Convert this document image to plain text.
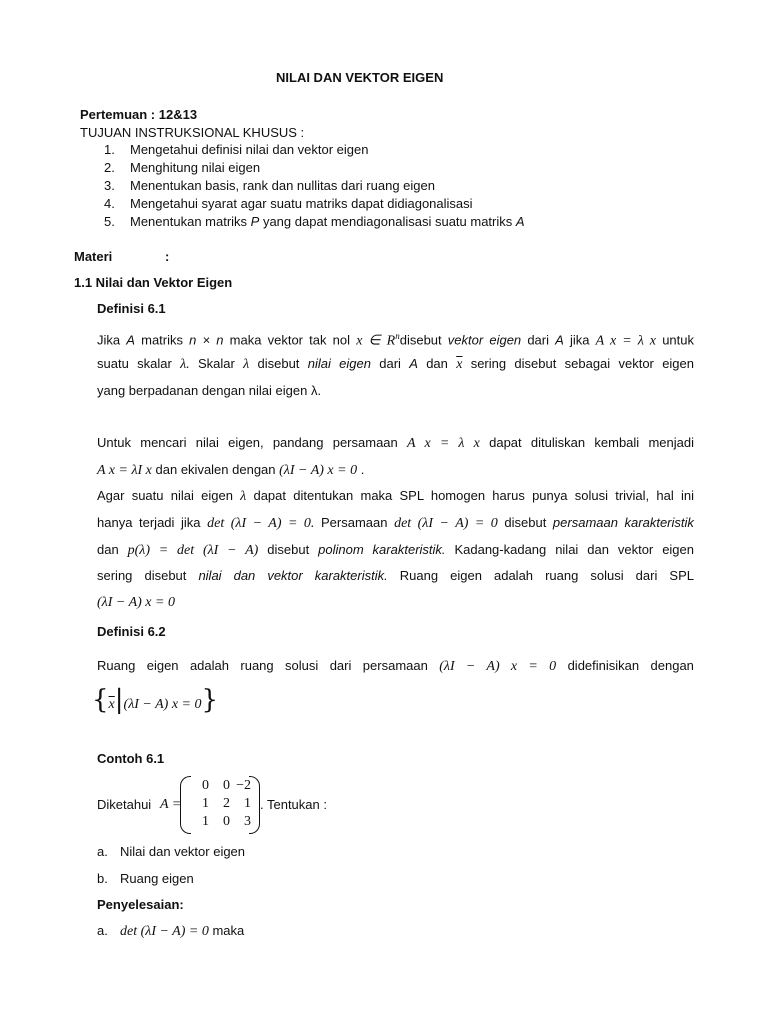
NILAI DAN VEKTOR EIGEN
Pertemuan : 12&13
TUJUAN INSTRUKSIONAL KHUSUS :
1. Mengetahui definisi nilai dan vektor eigen
2. Menghitung nilai eigen
3. Menentukan basis, rank dan nullitas dari ruang eigen
4. Mengetahui syarat agar suatu matriks dapat didiagonalisasi
5. Menentukan matriks P yang dapat mendiagonalisasi suatu matriks A
Materi	:
1.1 Nilai dan Vektor Eigen
Definisi 6.1
Jika A matriks n × n maka vektor tak nol x ∈ $R^ndisebut$ vektor eigen dari A jika A x = λ x untuk
suatu skalar λ. Skalar λ disebut nilai eigen dari A dan $\overline{x}$ sering disebut sebagai vektor eigen
yang berpadanan dengan nilai eigen λ.
Untuk mencari nilai eigen, pandang persamaan A x = λ x dapat dituliskan kembali menjadi
A x = λI x dan ekivalen dengan (λI − A) x = 0 .
Agar suatu nilai eigen λ dapat ditentukan maka SPL homogen harus punya solusi trivial, hal ini
hanya terjadi jika det (λI − A) = 0. Persamaan det (λI − A) = 0 disebut persamaan karakteristik
dan p(λ) = det (λI − A) disebut polinom karakteristik. Kadang-kadang nilai dan vektor eigen
sering disebut nilai dan vektor karakteristik. Ruang eigen adalah ruang solusi dari SPL
(λI − A) x = 0
Definisi 6.2
Ruang eigen adalah ruang solusi dari persamaan (λI − A) x = 0 didefinisikan dengan
$\{\overline{x}|(\lambda I - A) x = 0\}$
Contoh 6.1
Diketahui A =
0	0	−2
1	2	1
1	0	3
. Tentukan :
a. Nilai dan vektor eigen
b. Ruang eigen
Penyelesaian:
a. det (λI − A) = 0 maka
